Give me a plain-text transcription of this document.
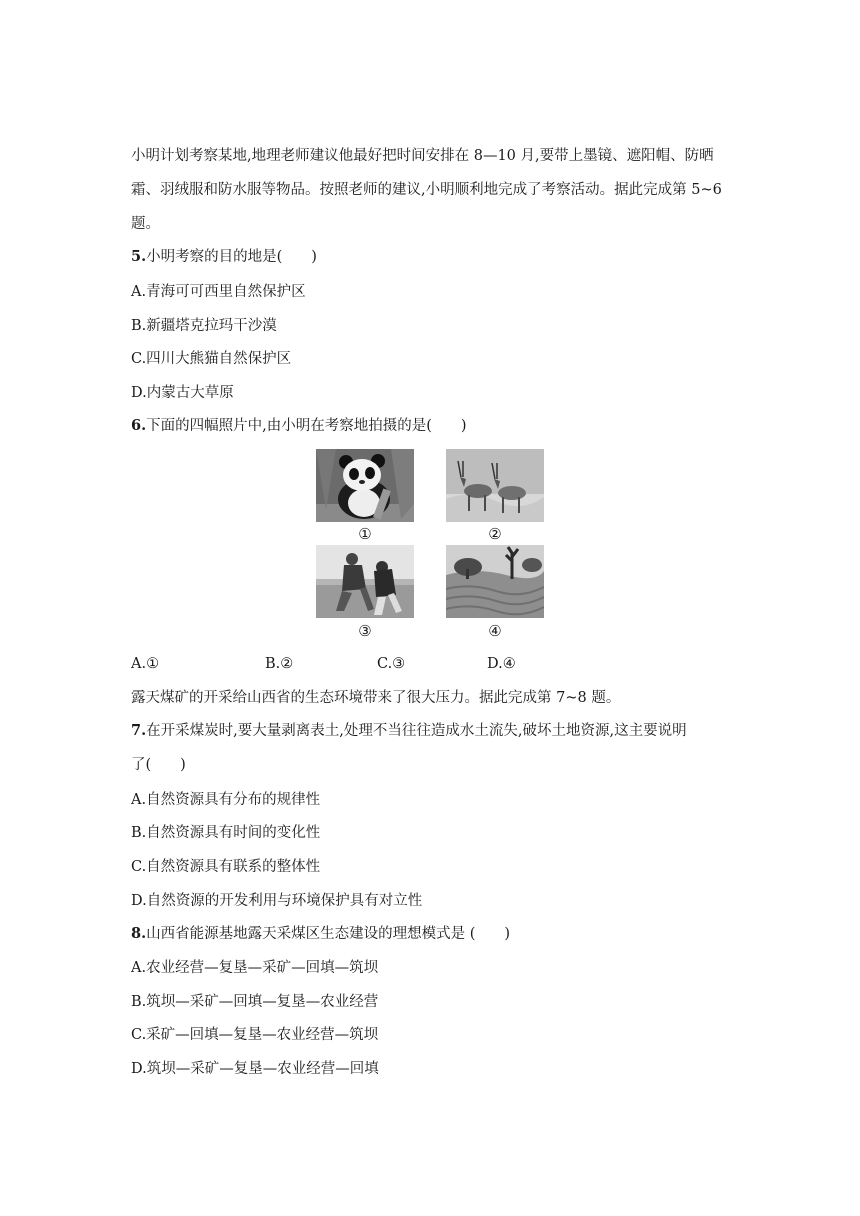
小明计划考察某地,地理老师建议他最好把时间安排在 8—10 月,要带上墨镜、遮阳帽、防晒
霜、羽绒服和防水服等物品。按照老师的建议,小明顺利地完成了考察活动。据此完成第 5~6
题。
5.小明考察的目的地是(　　)
A.青海可可西里自然保护区
B.新疆塔克拉玛干沙漠
C.四川大熊猫自然保护区
D.内蒙古大草原
6.下面的四幅照片中,由小明在考察地拍摄的是(　　)
①	②
③	④
A.①	B.②	C.③	D.④
露天煤矿的开采给山西省的生态环境带来了很大压力。据此完成第 7~8 题。
7.在开采煤炭时,要大量剥离表土,处理不当往往造成水土流失,破坏土地资源,这主要说明
了(　　)
A.自然资源具有分布的规律性
B.自然资源具有时间的变化性
C.自然资源具有联系的整体性
D.自然资源的开发利用与环境保护具有对立性
8.山西省能源基地露天采煤区生态建设的理想模式是 (　　)
A.农业经营—复垦—采矿—回填—筑坝
B.筑坝—采矿—回填—复垦—农业经营
C.采矿—回填—复垦—农业经营—筑坝
D.筑坝—采矿—复垦—农业经营—回填
